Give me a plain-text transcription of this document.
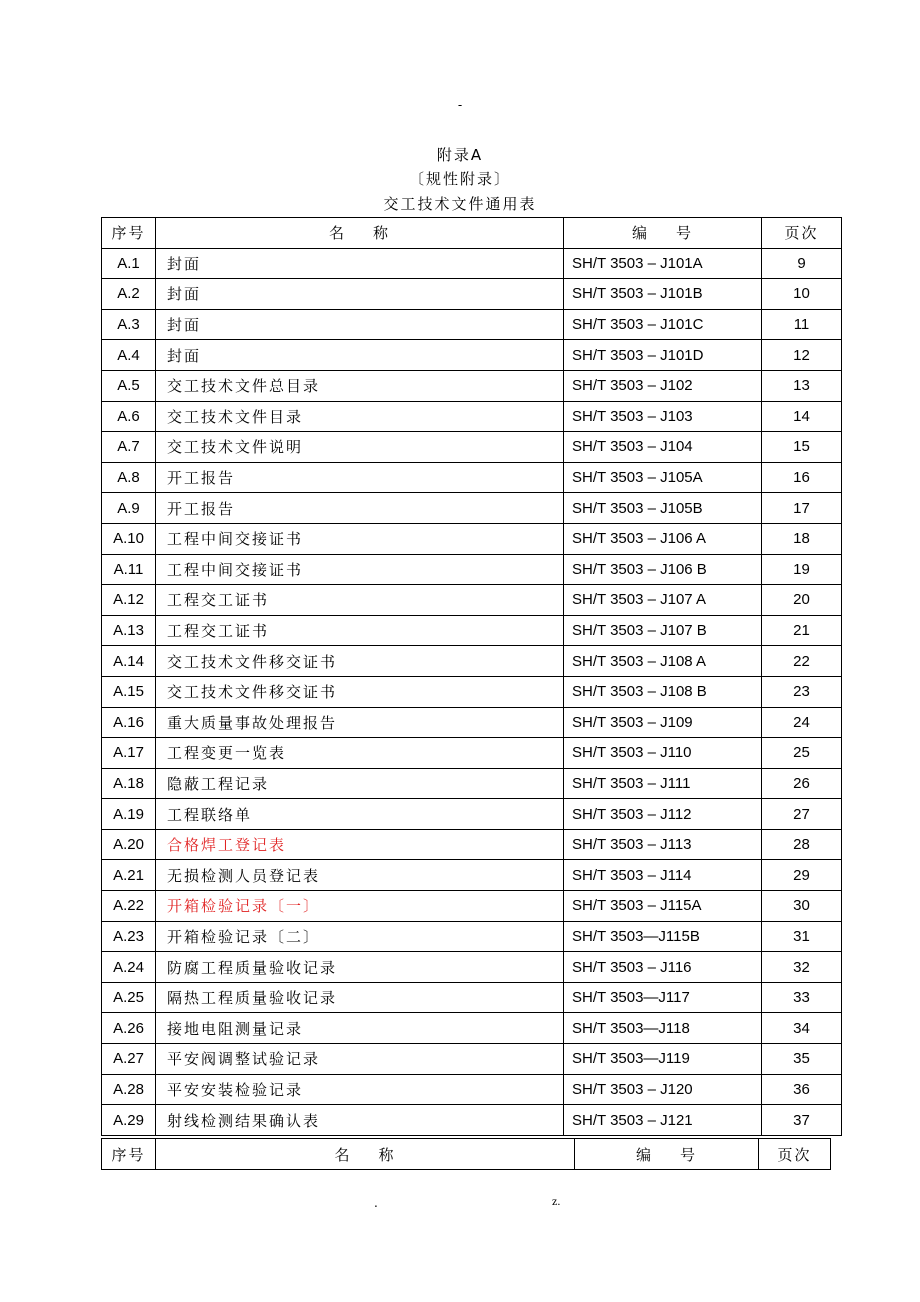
-
附录A
〔规性附录〕
交工技术文件通用表
序号	名    称	编    号	页次
A.1	封面	SH/T 3503 – J101A	9
A.2	封面	SH/T 3503 – J101B	10
A.3	封面	SH/T 3503 – J101C	11
A.4	封面	SH/T 3503 – J101D	12
A.5	交工技术文件总目录	SH/T 3503 – J102	13
A.6	交工技术文件目录	SH/T 3503 – J103	14
A.7	交工技术文件说明	SH/T 3503 – J104	15
A.8	开工报告	SH/T 3503 – J105A	16
A.9	开工报告	SH/T 3503 – J105B	17
A.10	工程中间交接证书	SH/T 3503 – J106 A	18
A.11	工程中间交接证书	SH/T 3503 – J106 B	19
A.12	工程交工证书	SH/T 3503 – J107 A	20
A.13	工程交工证书	SH/T 3503 – J107 B	21
A.14	交工技术文件移交证书	SH/T 3503 – J108 A	22
A.15	交工技术文件移交证书	SH/T 3503 – J108 B	23
A.16	重大质量事故处理报告	SH/T 3503 – J109	24
A.17	工程变更一览表	SH/T 3503 – J110	25
A.18	隐蔽工程记录	SH/T 3503 – J111	26
A.19	工程联络单	SH/T 3503 – J112	27
A.20	合格焊工登记表	SH/T 3503 – J113	28
A.21	无损检测人员登记表	SH/T 3503 – J114	29
A.22	开箱检验记录〔一〕	SH/T 3503 – J115A	30
A.23	开箱检验记录〔二〕	SH/T 3503—J115B	31
A.24	防腐工程质量验收记录	SH/T 3503 – J116	32
A.25	隔热工程质量验收记录	SH/T 3503—J117	33
A.26	接地电阻测量记录	SH/T 3503—J118	34
A.27	平安阀调整试验记录	SH/T 3503—J119	35
A.28	平安安装检验记录	SH/T 3503 – J120	36
A.29	射线检测结果确认表	SH/T 3503 – J121	37
序号	名    称	编    号	页次
.	z.
